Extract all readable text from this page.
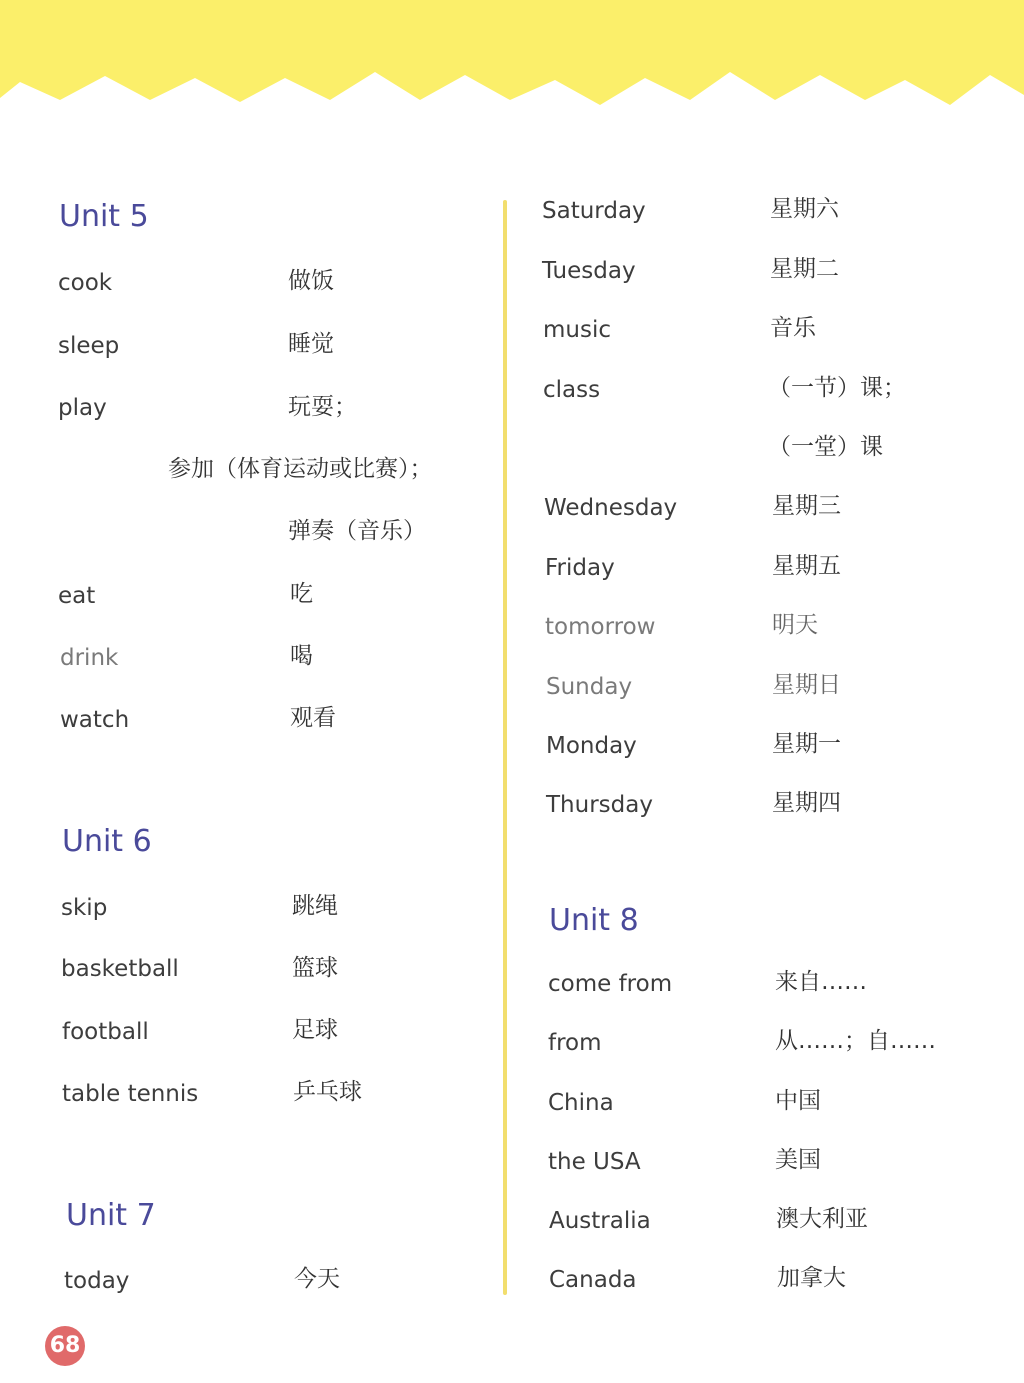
Unit 5
cook	做饭
sleep	睡觉
play	玩耍；
参加（体育运动或比赛）；
弹奏（音乐）
eat	吃
drink	喝
watch	观看
Unit 6
skip	跳绳
basketball	篮球
football	足球
table tennis	乒乓球
Unit 7
today	今天
Saturday	星期六
Tuesday	星期二
music	音乐
class	（一节）课；
（一堂）课
Wednesday	星期三
Friday	星期五
tomorrow	明天
Sunday	星期日
Monday	星期一
Thursday	星期四
Unit 8
come from	来自……
from	从……；自……
China	中国
the USA	美国
Australia	澳大利亚
Canada	加拿大
68
